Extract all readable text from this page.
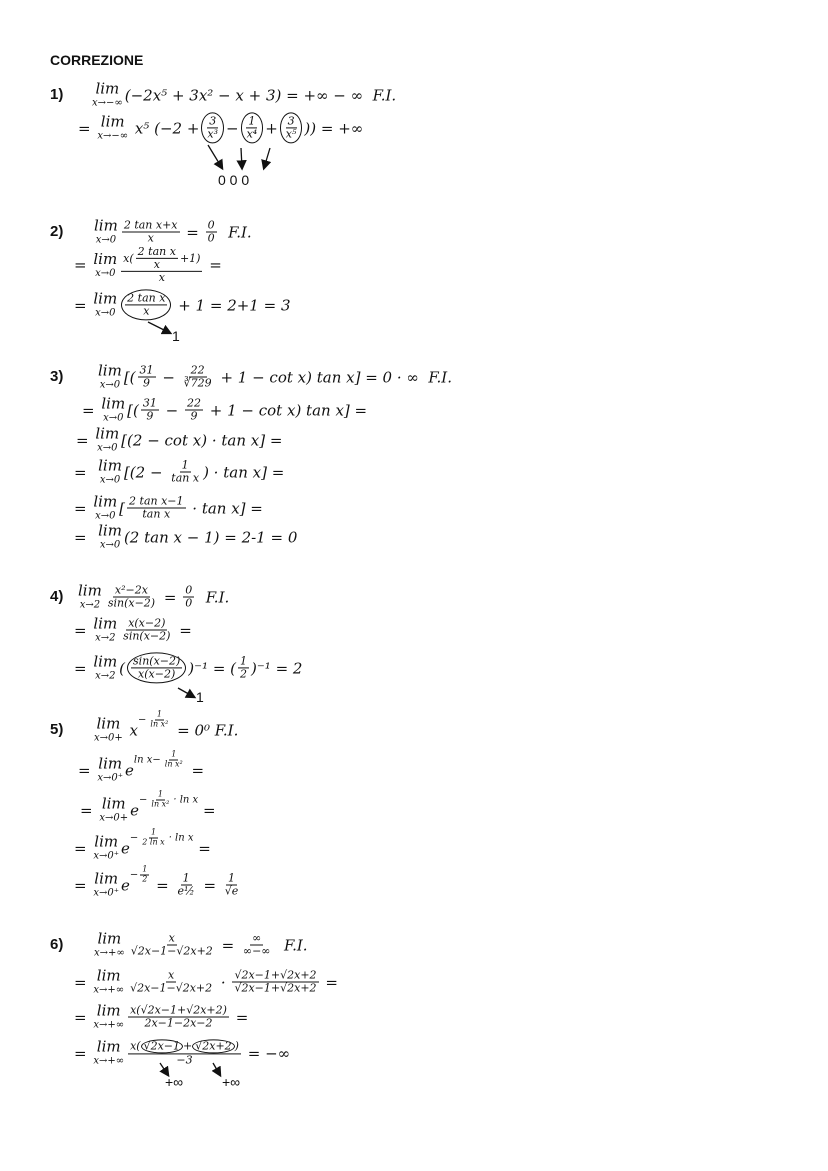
CORREZIONE
1) lim
x→−∞ (−2x⁵ + 3x² − x + 3) = +∞ − ∞  F.I.
= lim
x→−∞ x⁵ ($-2 + \frac{3}{\text{x³}} - \frac{1}{\text{x⁴}} + \frac{3}{\text{x⁵}}$ )) = +∞
0 0 0
2) lim
$x\to 0 \frac{\text{2 tan x+x}}{x} = \frac{0}{0} F.I$.
= lim
$x\to 0 \frac{x( \frac{\text{2 tan x}}{x} +1)}{x}$ =
= lim
$x\to 0 \frac{\text{2 tan x}}{x} + 1 = 2+1 = 3$
1
3) lim
x→0 [( $\frac{31}{9} - \frac{22}{∛729} + 1 - \cot x$) tan x] = 0 · ∞  F.I.
= lim
x→0 [( $\frac{31}{9} - \frac{22}{9} + 1 - \cot x$) tan x] =
= lim
x→0 [(2 − cot x) · tan x] =
= lim
x→0 [($2 - \frac{1}{\text{tan x}}$ ) · tan x] =
= lim
x→0 [ $\frac{\text{2 tan x−1}}{\text{tan x}} \cdot \tan x$] =
= lim
x→0 (2 tan x − 1) = 2-1 = 0
4) lim
$x\to 2 \frac{\text{x²−2x}}{\sin(x-2)} = \frac{0}{0} F.I$.
= lim
$x\to 2 \frac{x(x-2)}{\sin(x-2)}$ =
= lim
x→2 ( $\frac{\sin(x-2)}{x(x-2)} )^{-1}$ = ( $\frac{1}{2} )^{-1} = 2$
1
5) lim
x→0+ x
− $\frac{1}{\text{ln x²}}$
= 0⁰ F.I.
= lim
x→0⁺ e
$\ln x - \frac{1}{\text{ln x²}}$
=
= lim
x→0+ e
− $\frac{1}{\text{ln x²}} \cdot \ln x$
=
= lim
x→0⁺ e
− $\frac{1}{\text{2 ln x}} \cdot \ln x$
=
= lim
x→0⁺ e
− $\frac{1}{2}$
= $\frac{1}{\text{e½}} = \frac{1}{√e}$
6) lim
$x\to+\infty \frac{x}{√2x-1-√2x+2} = \frac{\infty}{\infty-\infty} F.I$.
= lim
$x\to+\infty \frac{x}{√2x-1-√2x+2} \cdot \frac{√2x-1+√2x+2}{√2x-1+√2x+2}$ =
= lim
$x\to+\infty \frac{x(√2x-1+√2x+2)}{2x-1-2x-2}$ =
= lim
$x\to+\infty \frac{x( √2x-1 + √2x+2 )}{-3}$ = −∞
+∞	+∞
